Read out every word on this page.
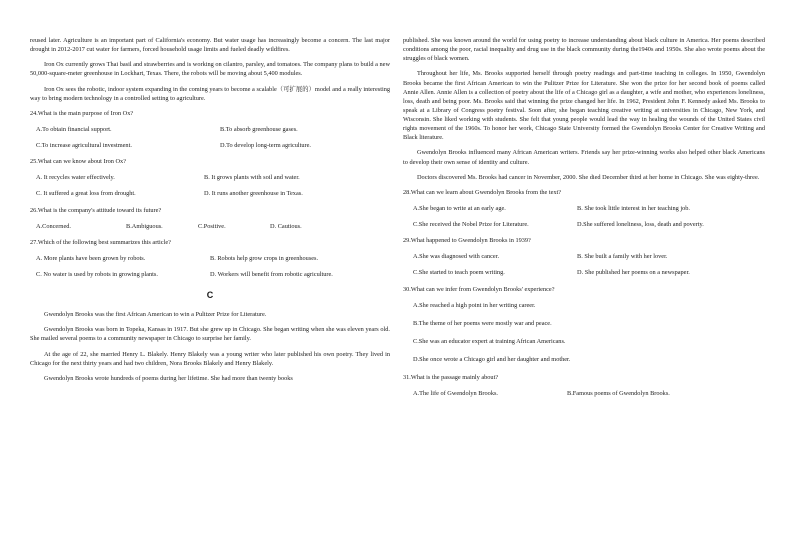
reused later. Agriculture is an important part of California's economy. But water usage has increasingly become a concern. The last major drought in 2012-2017 cut water for farmers, forced household usage limits and fueled deadly wildfires.

Iron Ox currently grows Thai basil and strawberries and is working on cilantro, parsley, and tomatoes. The company plans to build a new 50,000-square-meter greenhouse in Lockhart, Texas. There, the robots will be moving about 5,400 modules.

Iron Ox sees the robotic, indoor system expanding in the coming years to become a scalable（可扩展的）model and a really interesting way to bring modern technology in a controlled setting to agriculture.

24.What is the main purpose of Iron Ox?
A.To obtain financial support.	B.To absorb greenhouse gases.
C.To increase agricultural investment.	D.To develop long-term agriculture.
25.What can we know about Iron Ox?
A. It recycles water effectively.	B. It grows plants with soil and water.
C. It suffered a great loss from drought.	D. It runs another greenhouse in Texas.
26.What is the company's attitude toward its future?
A.Concerned.	B.Ambiguous.	C.Positive.	D. Cautious.
27.Which of the following best summarizes this article?
A. More plants have been grown by robots.	B. Robots help grow crops in greenhouses.
C. No water is used by robots in growing plants.	D. Workers will benefit from robotic agriculture.
C

Gwendolyn Brooks was the first African American to win a Pulitzer Prize for Literature.

Gwendolyn Brooks was born in Topeka, Kansas in 1917. But she grew up in Chicago. She began writing when she was eleven years old. She mailed several poems to a community newspaper in Chicago to surprise her family.

At the age of 22, she married Henry L. Blakely. Henry Blakely was a young writer who later published his own poetry. They lived in Chicago for the next thirty years and had two children, Nora Brooks Blakely and Henry Blakely.

Gwendolyn Brooks wrote hundreds of poems during her lifetime. She had more than twenty books

published. She was known around the world for using poetry to increase understanding about black culture in America. Her poems described conditions among the poor, racial inequality and drug use in the black community during the1940s and 1950s. She also wrote poems about the struggles of black women.

Throughout her life, Ms. Brooks supported herself through poetry readings and part-time teaching in colleges. In 1950, Gwendolyn Brooks became the first African American to win the Pulitzer Prize for Literature. She won the prize for her second book of poems called Annie Allen. Annie Allen is a collection of poetry about the life of a Chicago girl as a daughter, a wife and mother, who experiences loneliness, loss, death and being poor. Ms. Brooks said that winning the prize changed her life. In 1962, President John F. Kennedy asked Ms. Brooks to speak at a Library of Congress poetry festival. Soon after, she began teaching creative writing at universities in Chicago, New York, and Wisconsin. She liked working with students. She felt that young people would lead the way in healing the wounds of the United States civil rights movement of the 1960s. To honor her work, Chicago State University formed the Gwendolyn Brooks Center for Creative Writing and Black literature.

Gwendolyn Brooks influenced many African American writers. Friends say her prize-winning works also helped other black Americans to develop their own sense of identity and culture.

Doctors discovered Ms. Brooks had cancer in November, 2000. She died December third at her home in Chicago. She was eighty-three.

28.What can we learn about Gwendolyn Brooks from the text?
A.She began to write at an early age.	B. She took little interest in her teaching job.
C.She received the Nobel Prize for Literature.	D.She suffered loneliness, loss, death and poverty.
29.What happened to Gwendolyn Brooks in 1939?
A.She was diagnosed with cancer.	B. She built a family with her lover.
C.She started to teach poem writing.	D. She published her poems on a newspaper.
30.What can we infer from Gwendolyn Brooks' experience?
A.She reached a high point in her writing career.
B.The theme of her poems were mostly war and peace.
C.She was an educator expert at training African Americans.
D.She once wrote a Chicago girl and her daughter and mother.
31.What is the passage mainly about?
A.The life of Gwendolyn Brooks.	B.Famous poems of Gwendolyn Brooks.
